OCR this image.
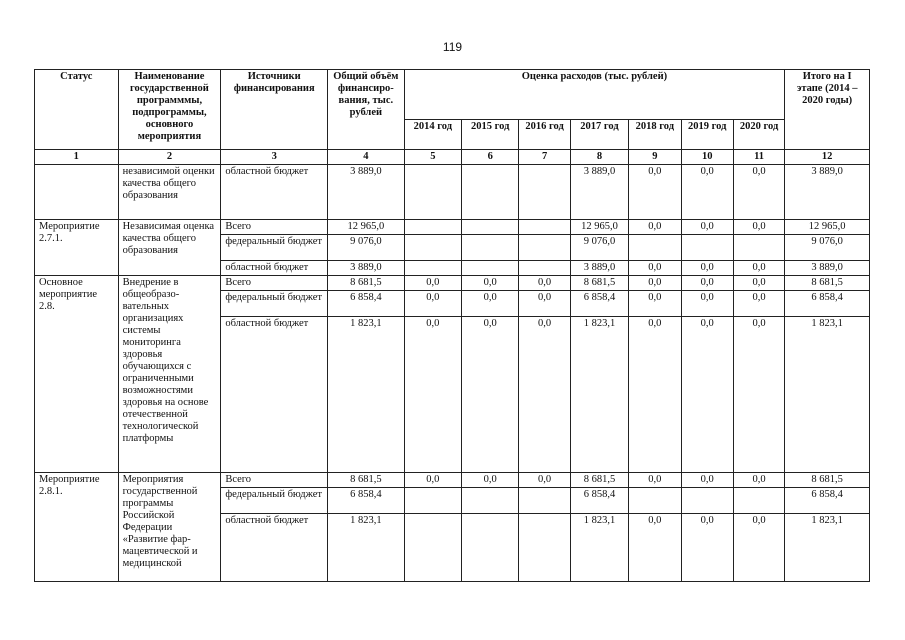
119
Статус	Наименование государственной программмы, подпрограммы, основного мероприятия	Источники финансирования	Общий объём финансиро-вания, тыс. рублей	Оценка расходов (тыс. рублей)							Итого на I этапе (2014 – 2020 годы)
				2014 год	2015 год	2016 год	2017 год	2018 год	2019 год	2020 год	
1	2	3	4	5	6	7	8	9	10	11	12
	независимой оценки качества общего образования	областной бюджет	3 889,0				3 889,0	0,0	0,0	0,0	3 889,0
Мероприятие 2.7.1.	Независимая оценка качества общего образования	Всего	12 965,0				12 965,0	0,0	0,0	0,0	12 965,0
		федеральный бюджет	9 076,0				9 076,0				9 076,0
		областной бюджет	3 889,0				3 889,0	0,0	0,0	0,0	3 889,0
Основное мероприятие 2.8.	Внедрение в общеобразо-вательных организациях системы мониторинга здоровья обучающихся с ограниченными возможностями здоровья на основе отечественной технологической платформы	Всего	8 681,5	0,0	0,0	0,0	8 681,5	0,0	0,0	0,0	8 681,5
		федеральный бюджет	6 858,4	0,0	0,0	0,0	6 858,4	0,0	0,0	0,0	6 858,4
		областной бюджет	1 823,1	0,0	0,0	0,0	1 823,1	0,0	0,0	0,0	1 823,1
Мероприятие 2.8.1.	Мероприятия государственной программы Российской Федерации «Развитие фар-мацевтической и медицинской	Всего	8 681,5	0,0	0,0	0,0	8 681,5	0,0	0,0	0,0	8 681,5
		федеральный бюджет	6 858,4				6 858,4				6 858,4
		областной бюджет	1 823,1				1 823,1	0,0	0,0	0,0	1 823,1
